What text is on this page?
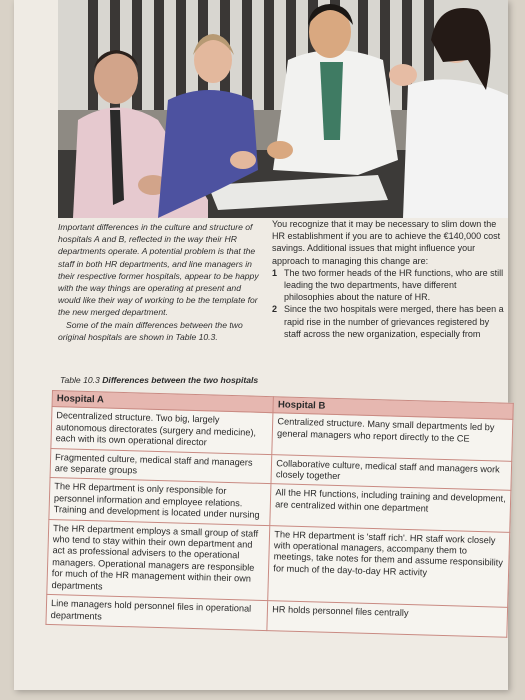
Important differences in the culture and structure of hospitals A and B, reflected in the way their HR departments operate. A potential problem is that the staff in both HR departments, and line managers in their respective former hospitals, appear to be happy with the way things are operating at present and would like their way of working to be the template for the new merged department.

Some of the main differences between the two original hospitals are shown in Table 10.3.

You recognize that it may be necessary to slim down the HR establishment if you are to achieve the €140,000 cost savings. Additional issues that might influence your approach to managing this change are:

1 The two former heads of the HR functions, who are still leading the two departments, have different philosophies about the nature of HR.
2 Since the two hospitals were merged, there has been a rapid rise in the number of grievances registered by staff across the new organization, especially from
Table 10.3 Differences between the two hospitals
Hospital A	Hospital B
Decentralized structure. Two big, largely autonomous directorates (surgery and medicine), each with its own operational director	Centralized structure. Many small departments led by general managers who report directly to the CE
Fragmented culture, medical staff and managers are separate groups	Collaborative culture, medical staff and managers work closely together
The HR department is only responsible for personnel information and employee relations. Training and development is located under nursing	All the HR functions, including training and development, are centralized within one department
The HR department employs a small group of staff who tend to stay within their own department and act as professional advisers to the operational managers. Operational managers are responsible for much of the HR management within their own departments	The HR department is 'staff rich'. HR staff work closely with operational managers, accompany them to meetings, take notes for them and assume responsibility for much of the day-to-day HR activity
Line managers hold personnel files in operational departments	HR holds personnel files centrally
